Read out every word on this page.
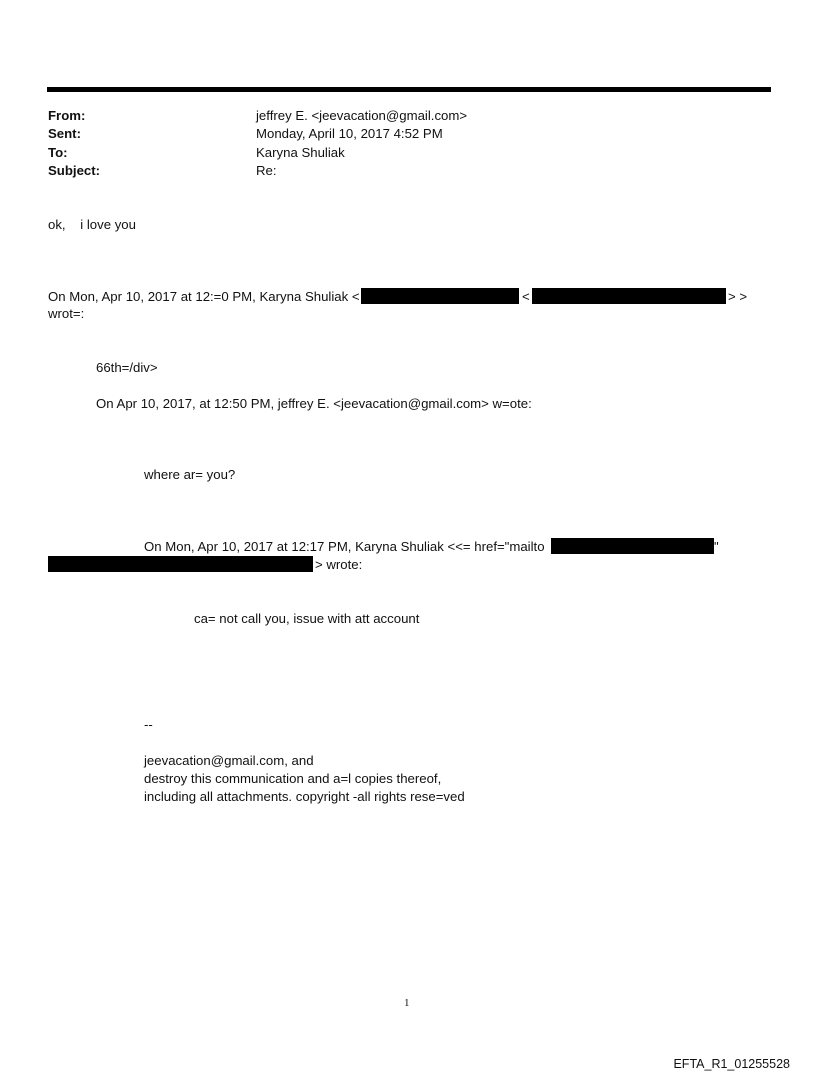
From:	jeffrey E. <jeevacation@gmail.com>
Sent:	Monday, April 10, 2017 4:52 PM
To:	Karyna Shuliak
Subject:	Re:
ok,    i love you
On Mon, Apr 10, 2017 at 12:=0 PM, Karyna Shuliak <	<	> >
wrot=:
66th=/div>
On Apr 10, 2017, at 12:50 PM, jeffrey E. <jeevacation@gmail.com> w=ote:
where ar= you?
On Mon, Apr 10, 2017 at 12:17 PM, Karyna Shuliak <<= href="mailto	"
> wrote:
ca= not call you, issue with att account
--
jeevacation@gmail.com, and
destroy this communication and a=l copies thereof,
including all attachments. copyright -all rights rese=ved
1
EFTA_R1_01255528
